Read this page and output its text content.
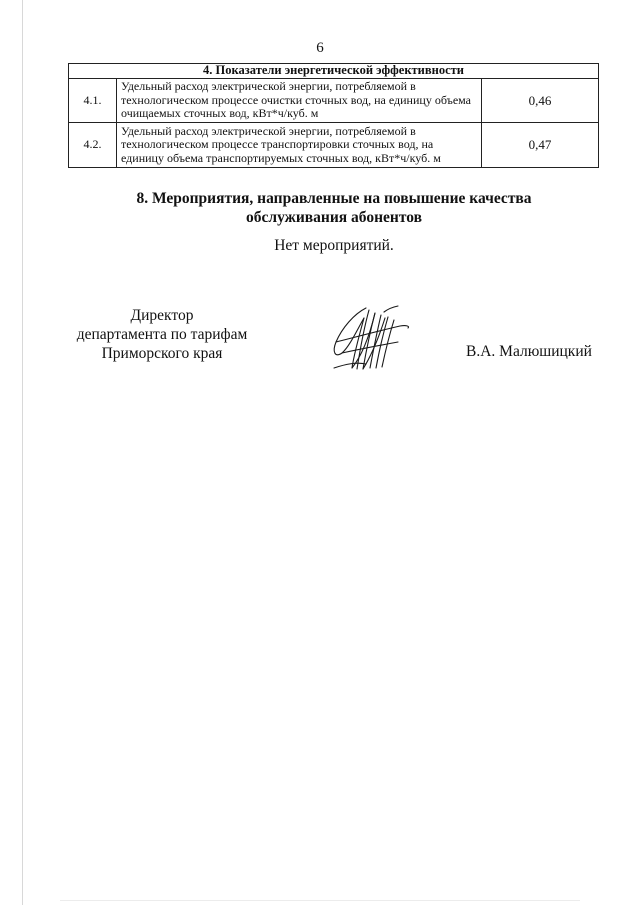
6
4. Показатели энергетической эффективности		
4.1.	Удельный расход электрической энергии, потребляемой в технологическом процессе очистки сточных вод, на единицу объема очищаемых сточных вод, кВт*ч/куб. м	0,46
4.2.	Удельный расход электрической энергии, потребляемой в технологическом процессе транспортировки сточных вод, на единицу объема транспортируемых сточных вод, кВт*ч/куб. м	0,47
8. Мероприятия, направленные на повышение качества
обслуживания абонентов
Нет мероприятий.
Директор
департамента по тарифам
Приморского края	В.А. Малюшицкий
